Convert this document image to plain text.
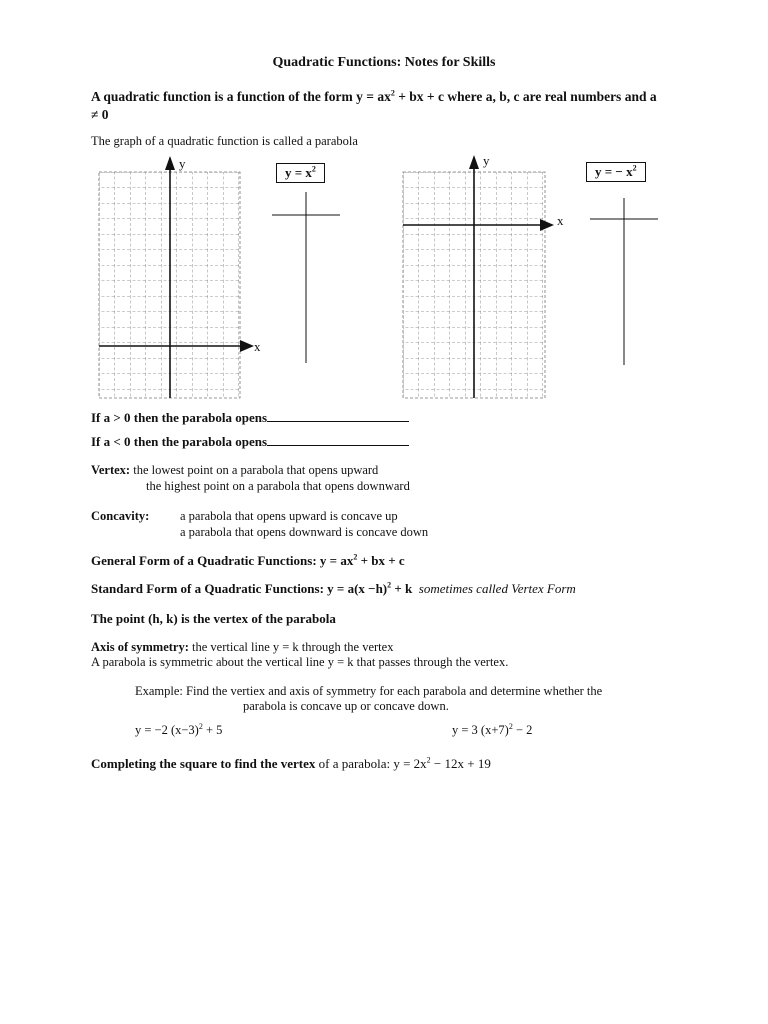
Quadratic Functions: Notes for Skills
A quadratic function is a function of the form $y = ax^2$ + bx + c where a, b, c are real numbers and a
≠ 0
The graph of a quadratic function is called a parabola
y
x
y
x
$y = x^2$	y = − $x^2$
If a > 0 then the parabola opens
If a < 0 then the parabola opens
Vertex: the lowest point on a parabola that opens upward
the highest point on a parabola that opens downward
Concavity: a parabola that opens upward is concave up
a parabola that opens downward is concave down
General Form of a Quadratic Functions: $y = ax^2$ + bx + c
Standard Form of a Quadratic Functions: $y = a(x -h)^2 + k$ sometimes called Vertex Form
The point (h, k) is the vertex of the parabola
Axis of symmetry: the vertical line y = k through the vertex
A parabola is symmetric about the vertical line y = k that passes through the vertex.
Example: Find the vertiex and axis of symmetry for each parabola and determine whether the
parabola is concave up or concave down.
y = −2 $(x-3)^2 + 5$	y = 3 $(x+7)^2 - 2$
Completing the square to find the vertex of a parabola: $y = 2x^2 - 12x + 19$
